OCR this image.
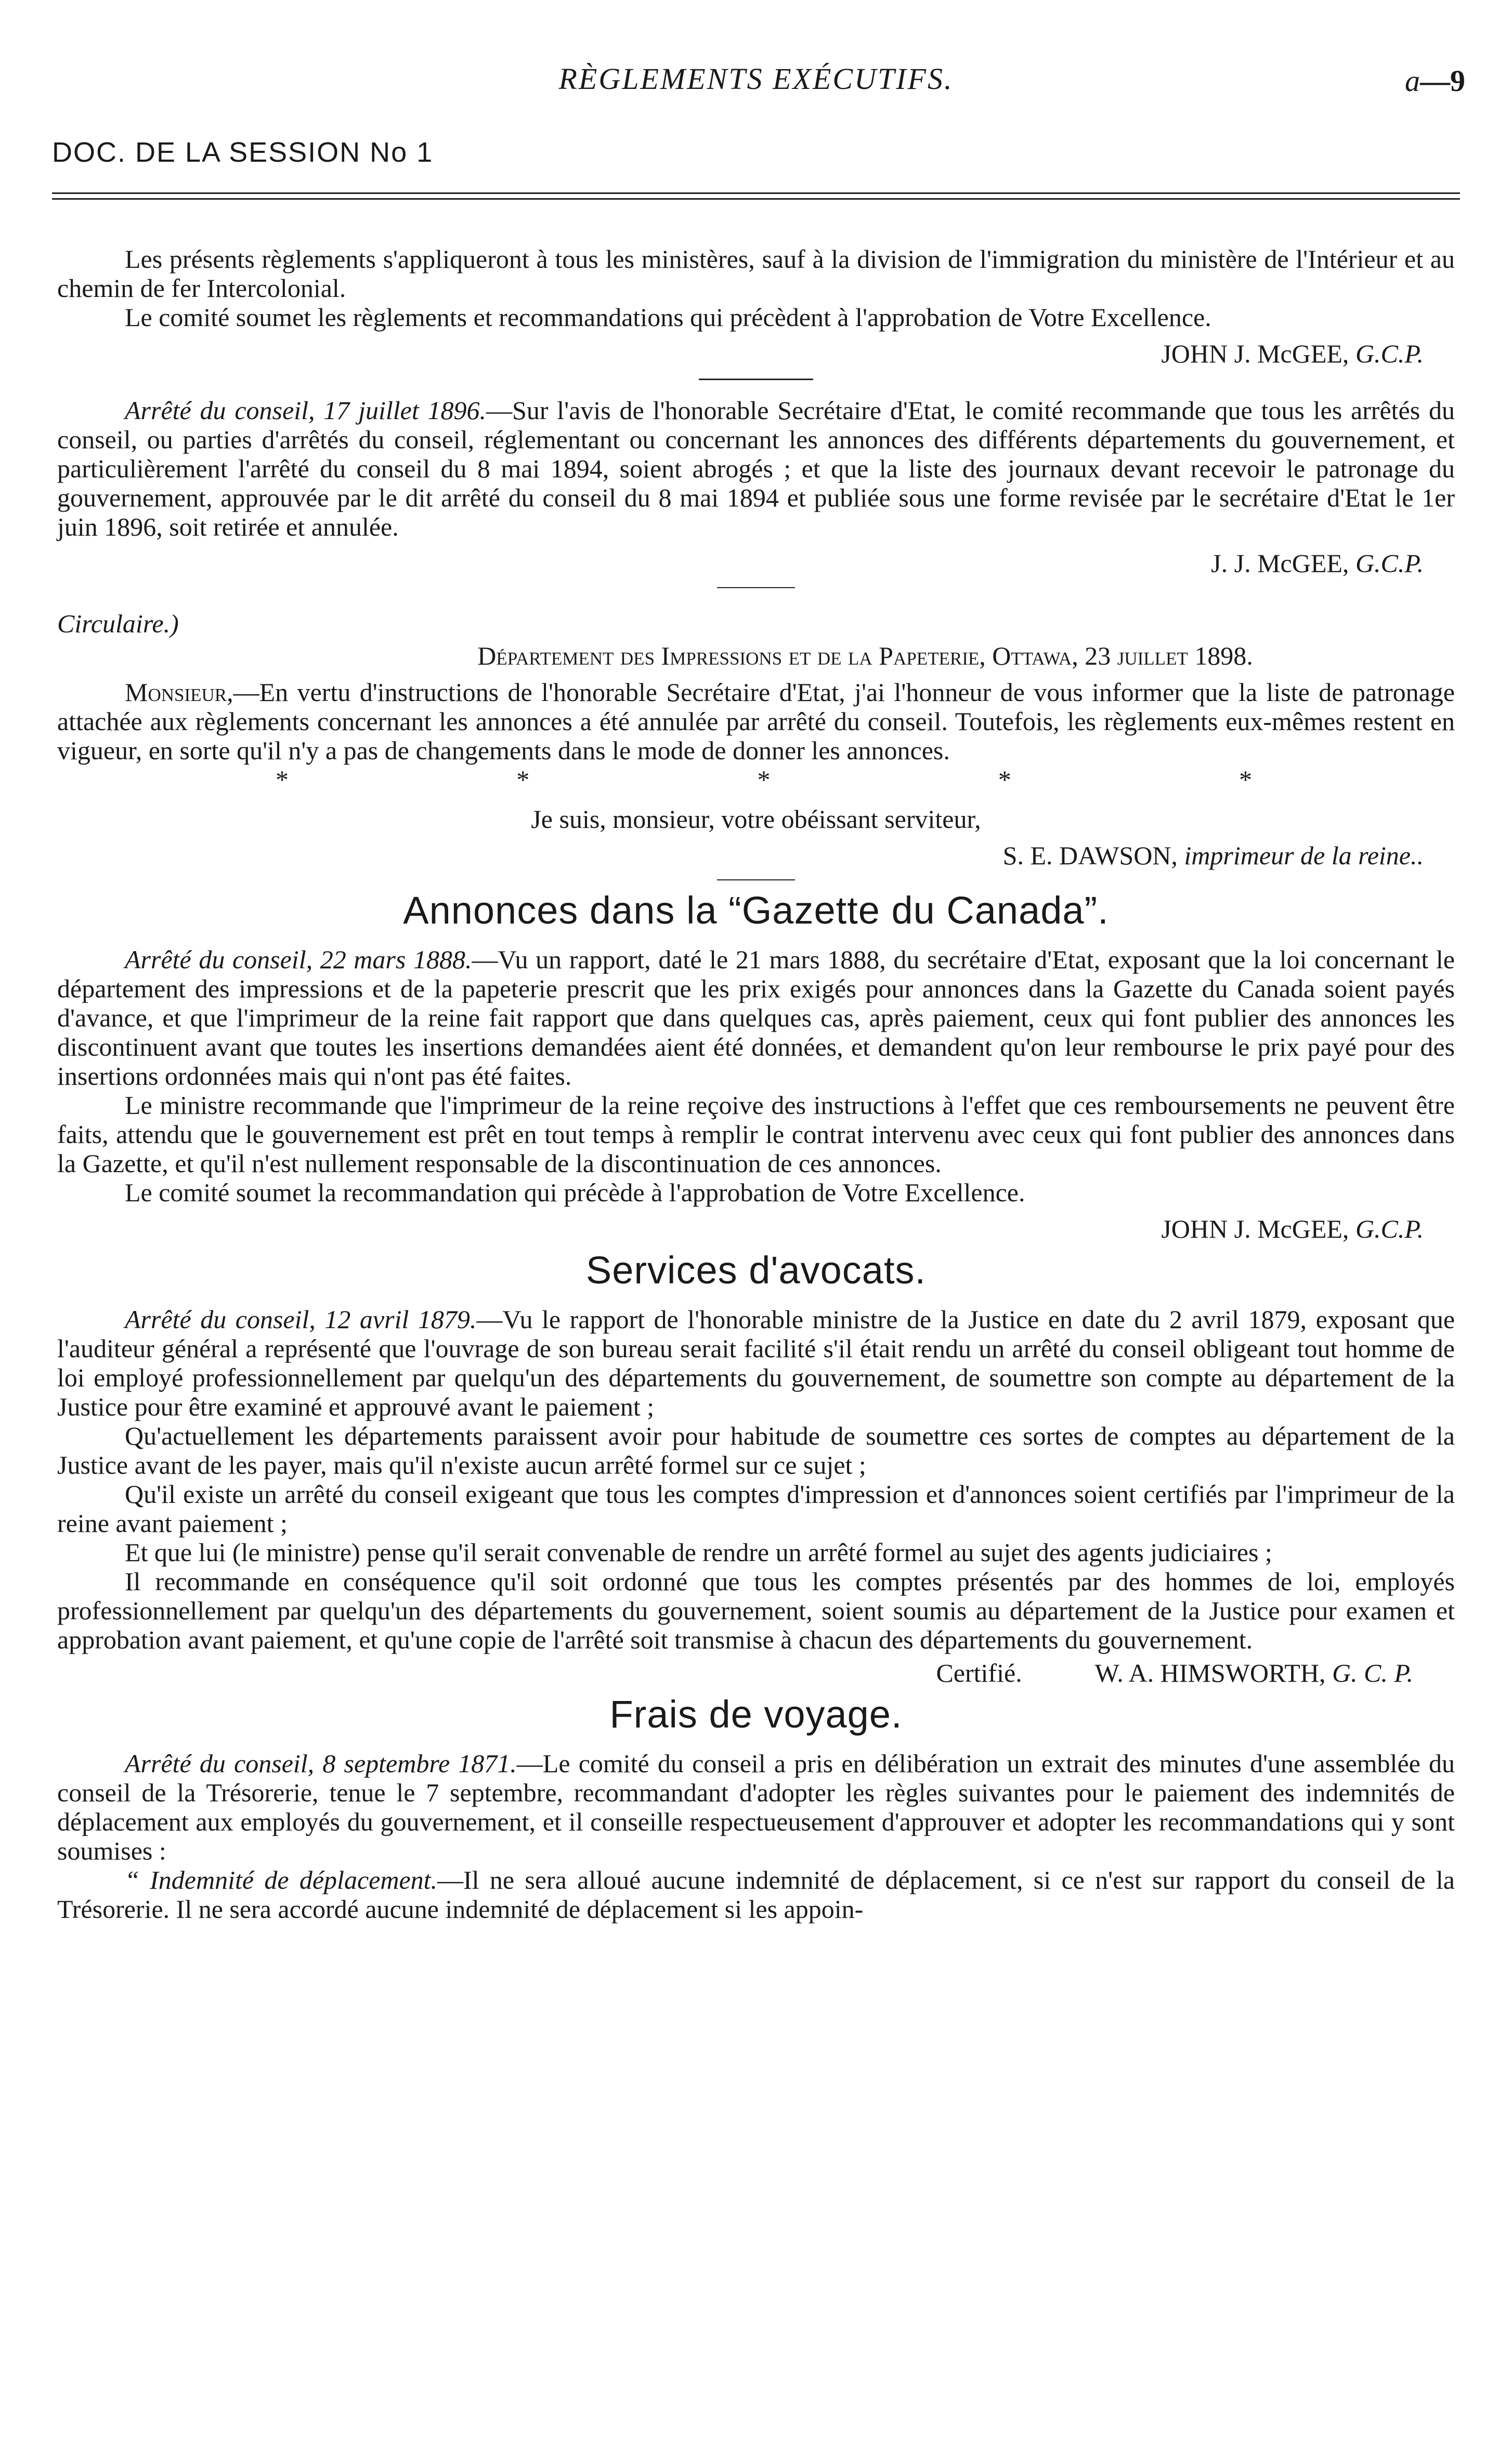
RÈGLEMENTS EXÉCUTIFS.	a—9
DOC. DE LA SESSION No 1

Les présents règlements s'appliqueront à tous les ministères, sauf à la division de l'immigration du ministère de l'Intérieur et au chemin de fer Intercolonial.

Le comité soumet les règlements et recommandations qui précèdent à l'approbation de Votre Excellence.

JOHN J. McGEE, G.C.P.

Arrêté du conseil, 17 juillet 1896.—Sur l'avis de l'honorable Secrétaire d'Etat, le comité recommande que tous les arrêtés du conseil, ou parties d'arrêtés du conseil, réglementant ou concernant les annonces des différents départements du gouvernement, et particulièrement l'arrêté du conseil du 8 mai 1894, soient abrogés ; et que la liste des journaux devant recevoir le patronage du gouvernement, approuvée par le dit arrêté du conseil du 8 mai 1894 et publiée sous une forme revisée par le secrétaire d'Etat le 1er juin 1896, soit retirée et annulée.

J. J. McGEE, G.C.P.

Circulaire.)

Département des Impressions et de la Papeterie, Ottawa, 23 juillet 1898.

Monsieur,—En vertu d'instructions de l'honorable Secrétaire d'Etat, j'ai l'honneur de vous informer que la liste de patronage attachée aux règlements concernant les annonces a été annulée par arrêté du conseil. Toutefois, les règlements eux-mêmes restent en vigueur, en sorte qu'il n'y a pas de changements dans le mode de donner les annonces.

*	*	*	*	*

Je suis, monsieur, votre obéissant serviteur,

S. E. DAWSON, imprimeur de la reine..

Annonces dans la “Gazette du Canada”.

Arrêté du conseil, 22 mars 1888.—Vu un rapport, daté le 21 mars 1888, du secrétaire d'Etat, exposant que la loi concernant le département des impressions et de la papeterie prescrit que les prix exigés pour annonces dans la Gazette du Canada soient payés d'avance, et que l'imprimeur de la reine fait rapport que dans quelques cas, après paiement, ceux qui font publier des annonces les discontinuent avant que toutes les insertions demandées aient été données, et demandent qu'on leur rembourse le prix payé pour des insertions ordonnées mais qui n'ont pas été faites.

Le ministre recommande que l'imprimeur de la reine reçoive des instructions à l'effet que ces remboursements ne peuvent être faits, attendu que le gouvernement est prêt en tout temps à remplir le contrat intervenu avec ceux qui font publier des annonces dans la Gazette, et qu'il n'est nullement responsable de la discontinuation de ces annonces.

Le comité soumet la recommandation qui précède à l'approbation de Votre Excellence.

JOHN J. McGEE, G.C.P.

Services d'avocats.

Arrêté du conseil, 12 avril 1879.—Vu le rapport de l'honorable ministre de la Justice en date du 2 avril 1879, exposant que l'auditeur général a représenté que l'ouvrage de son bureau serait facilité s'il était rendu un arrêté du conseil obligeant tout homme de loi employé professionnellement par quelqu'un des départements du gouvernement, de soumettre son compte au département de la Justice pour être examiné et approuvé avant le paiement ;

Qu'actuellement les départements paraissent avoir pour habitude de soumettre ces sortes de comptes au département de la Justice avant de les payer, mais qu'il n'existe aucun arrêté formel sur ce sujet ;

Qu'il existe un arrêté du conseil exigeant que tous les comptes d'impression et d'annonces soient certifiés par l'imprimeur de la reine avant paiement ;

Et que lui (le ministre) pense qu'il serait convenable de rendre un arrêté formel au sujet des agents judiciaires ;

Il recommande en conséquence qu'il soit ordonné que tous les comptes présentés par des hommes de loi, employés professionnellement par quelqu'un des départements du gouvernement, soient soumis au département de la Justice pour examen et approbation avant paiement, et qu'une copie de l'arrêté soit transmise à chacun des départements du gouvernement.

Certifié.	W. A. HIMSWORTH, G. C. P.

Frais de voyage.

Arrêté du conseil, 8 septembre 1871.—Le comité du conseil a pris en délibération un extrait des minutes d'une assemblée du conseil de la Trésorerie, tenue le 7 septembre, recommandant d'adopter les règles suivantes pour le paiement des indemnités de déplacement aux employés du gouvernement, et il conseille respectueusement d'approuver et adopter les recommandations qui y sont soumises :

“ Indemnité de déplacement.—Il ne sera alloué aucune indemnité de déplacement, si ce n'est sur rapport du conseil de la Trésorerie. Il ne sera accordé aucune indemnité de déplacement si les appoin-
